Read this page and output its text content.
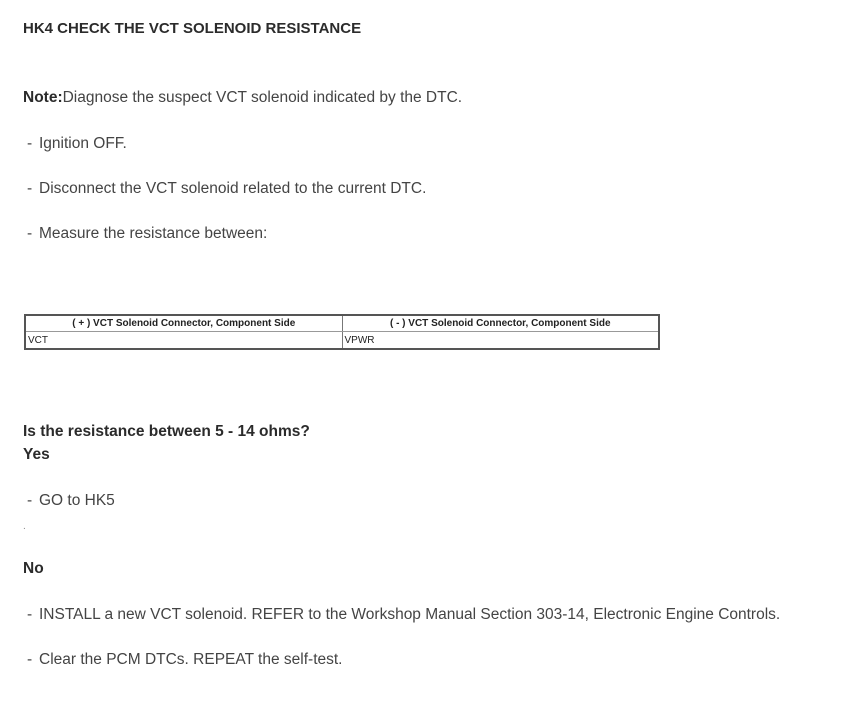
HK4 CHECK THE VCT SOLENOID RESISTANCE
Note:Diagnose the suspect VCT solenoid indicated by the DTC.
- Ignition OFF.
- Disconnect the VCT solenoid related to the current DTC.
- Measure the resistance between:
( + ) VCT Solenoid Connector, Component Side	( - ) VCT Solenoid Connector, Component Side
VCT	VPWR
Is the resistance between 5 - 14 ohms?
Yes
- GO to HK5
.
No
- INSTALL a new VCT solenoid. REFER to the Workshop Manual Section 303-14, Electronic Engine Controls.
- Clear the PCM DTCs. REPEAT the self-test.
